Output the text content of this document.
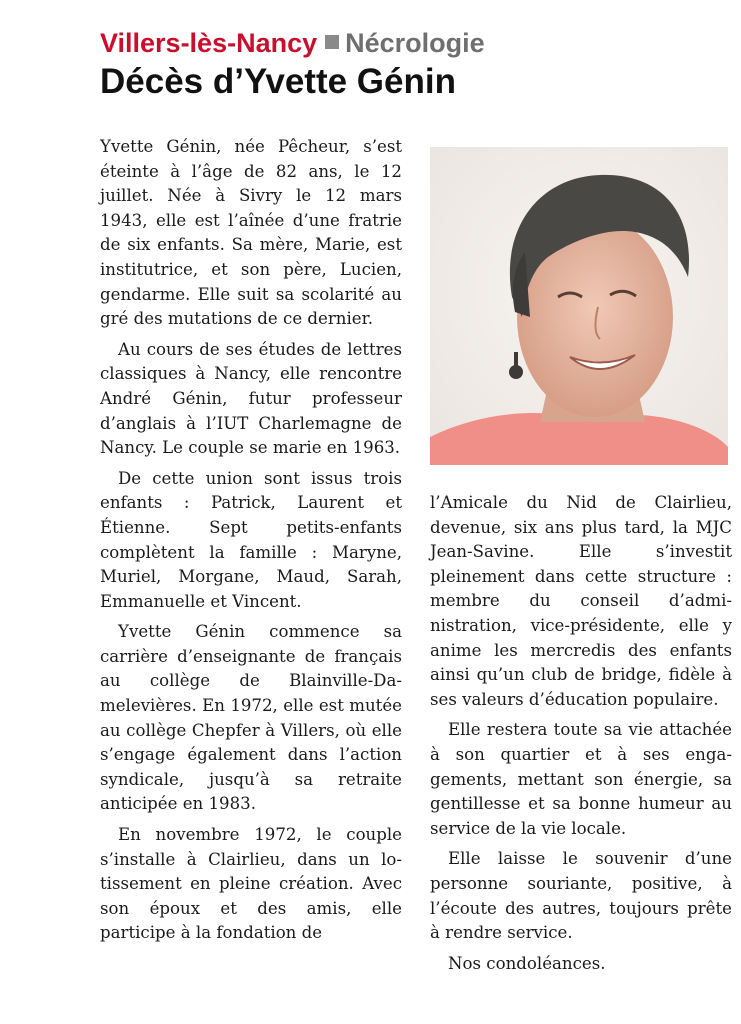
Villers-lès-Nancy Nécrologie
Décès d’Yvette Génin

Yvette Génin, née Pêcheur, s’est éteinte à l’âge de 82 ans, le 12 juillet. Née à Sivry le 12 mars 1943, elle est l’aînée d’une fratrie de six enfants. Sa mère, Marie, est institutrice, et son père, Lucien, gendarme. Elle suit sa scolarité au gré des mutations de ce dernier.

Au cours de ses études de lettres classiques à Nancy, elle rencontre André Génin, futur professeur d’anglais à l’IUT Charlemagne de Nancy. Le couple se marie en 1963.

De cette union sont issus trois enfants : Patrick, Laurent et Étienne. Sept petits-enfants complètent la famille : Maryne, Muriel, Morgane, Maud, Sarah, Emmanuelle et Vincent.

Yvette Génin commence sa carrière d’enseignante de français au collège de Blainville-Damelevières. En 1972, elle est mutée au collège Chepfer à Villers, où elle s’engage également dans l’action syndicale, jusqu’à sa retraite anticipée en 1983.

En novembre 1972, le couple s’installe à Clairlieu, dans un lotissement en pleine création. Avec son époux et des amis, elle participe à la fondation de

l’Amicale du Nid de Clairlieu, devenue, six ans plus tard, la MJC Jean-Savine. Elle s’investit pleinement dans cette structure : membre du conseil d’administration, vice-présidente, elle y anime les mercredis des enfants ainsi qu’un club de bridge, fidèle à ses valeurs d’éducation populaire.

Elle restera toute sa vie attachée à son quartier et à ses engagements, mettant son énergie, sa gentillesse et sa bonne humeur au service de la vie locale.

Elle laisse le souvenir d’une personne souriante, positive, à l’écoute des autres, toujours prête à rendre service.

Nos condoléances.
